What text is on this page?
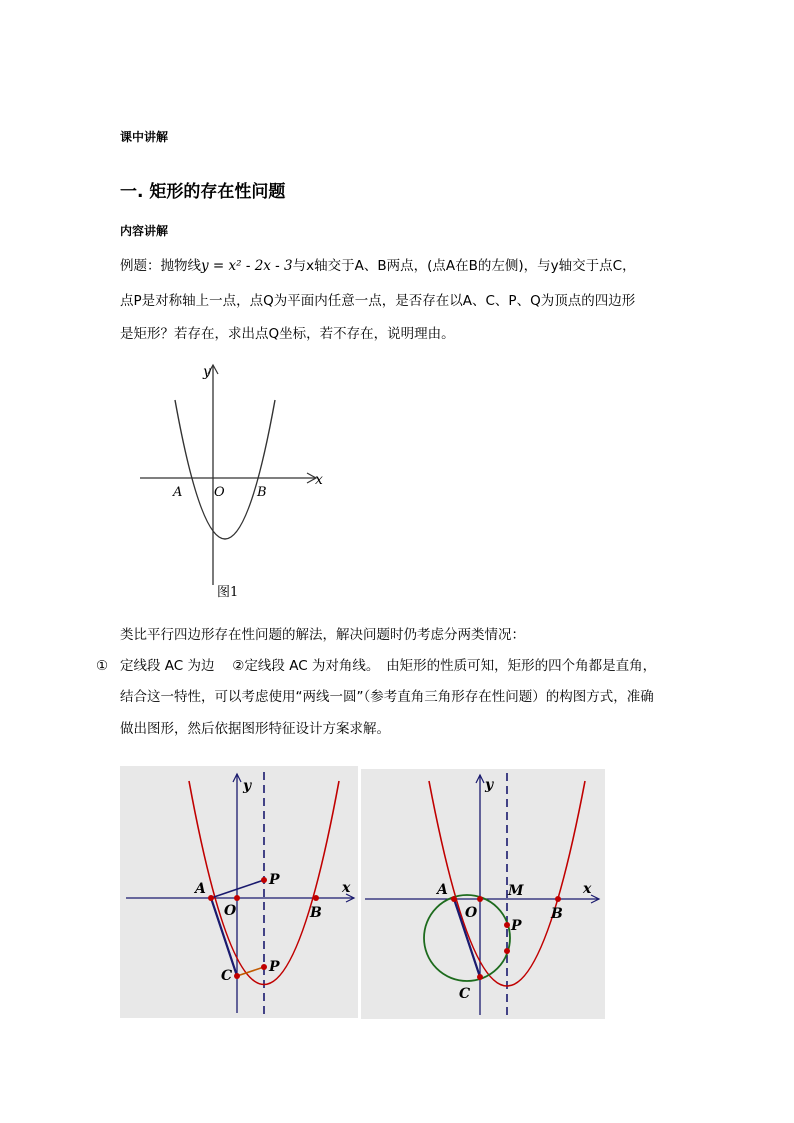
课中讲解
一. 矩形的存在性问题
内容讲解
例题：抛物线y = x² - 2x - 3与x轴交于A、B两点，(点A在B的左侧)，与y轴交于点C，
点P是对称轴上一点，点Q为平面内任意一点，是否存在以A、C、P、Q为顶点的四边形
是矩形？若存在，求出点Q坐标，若不存在，说明理由。
y
x
A O B
图1
类比平行四边形存在性问题的解法，解决问题时仍考虑分两类情况：
① 定线段 AC 为边　 ②定线段 AC 为对角线。　由矩形的性质可知，矩形的四个角都是直角，
结合这一特性，可以考虑使用“两线一圆”（参考直角三角形存在性问题）的构图方式，准确
做出图形，然后依据图形特征设计方案求解。
y
x
A
O	B
C
P
P
y
x
A
O	B
C
M
P
